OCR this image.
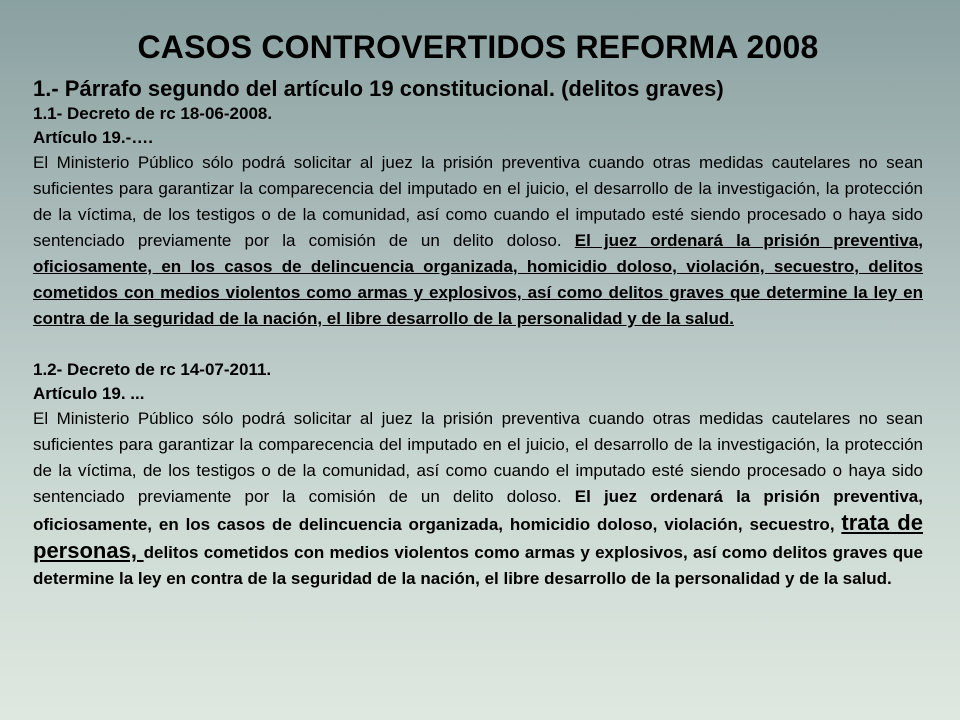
CASOS CONTROVERTIDOS REFORMA 2008
1.- Párrafo segundo del artículo 19 constitucional. (delitos graves)
1.1- Decreto de rc 18-06-2008.
Artículo 19.-….

El Ministerio Público sólo podrá solicitar al juez la prisión preventiva cuando otras medidas cautelares no sean suficientes para garantizar la comparecencia del imputado en el juicio, el desarrollo de la investigación, la protección de la víctima, de los testigos o de la comunidad, así como cuando el imputado esté siendo procesado o haya sido sentenciado previamente por la comisión de un delito doloso. El juez ordenará la prisión preventiva, oficiosamente, en los casos de delincuencia organizada, homicidio doloso, violación, secuestro, delitos cometidos con medios violentos como armas y explosivos, así como delitos graves que determine la ley en contra de la seguridad de la nación, el libre desarrollo de la personalidad y de la salud.

1.2- Decreto de rc 14-07-2011.
Artículo 19. ...

El Ministerio Público sólo podrá solicitar al juez la prisión preventiva cuando otras medidas cautelares no sean suficientes para garantizar la comparecencia del imputado en el juicio, el desarrollo de la investigación, la protección de la víctima, de los testigos o de la comunidad, así como cuando el imputado esté siendo procesado o haya sido sentenciado previamente por la comisión de un delito doloso. El juez ordenará la prisión preventiva, oficiosamente, en los casos de delincuencia organizada, homicidio doloso, violación, secuestro, trata de personas, delitos cometidos con medios violentos como armas y explosivos, así como delitos graves que determine la ley en contra de la seguridad de la nación, el libre desarrollo de la personalidad y de la salud.
